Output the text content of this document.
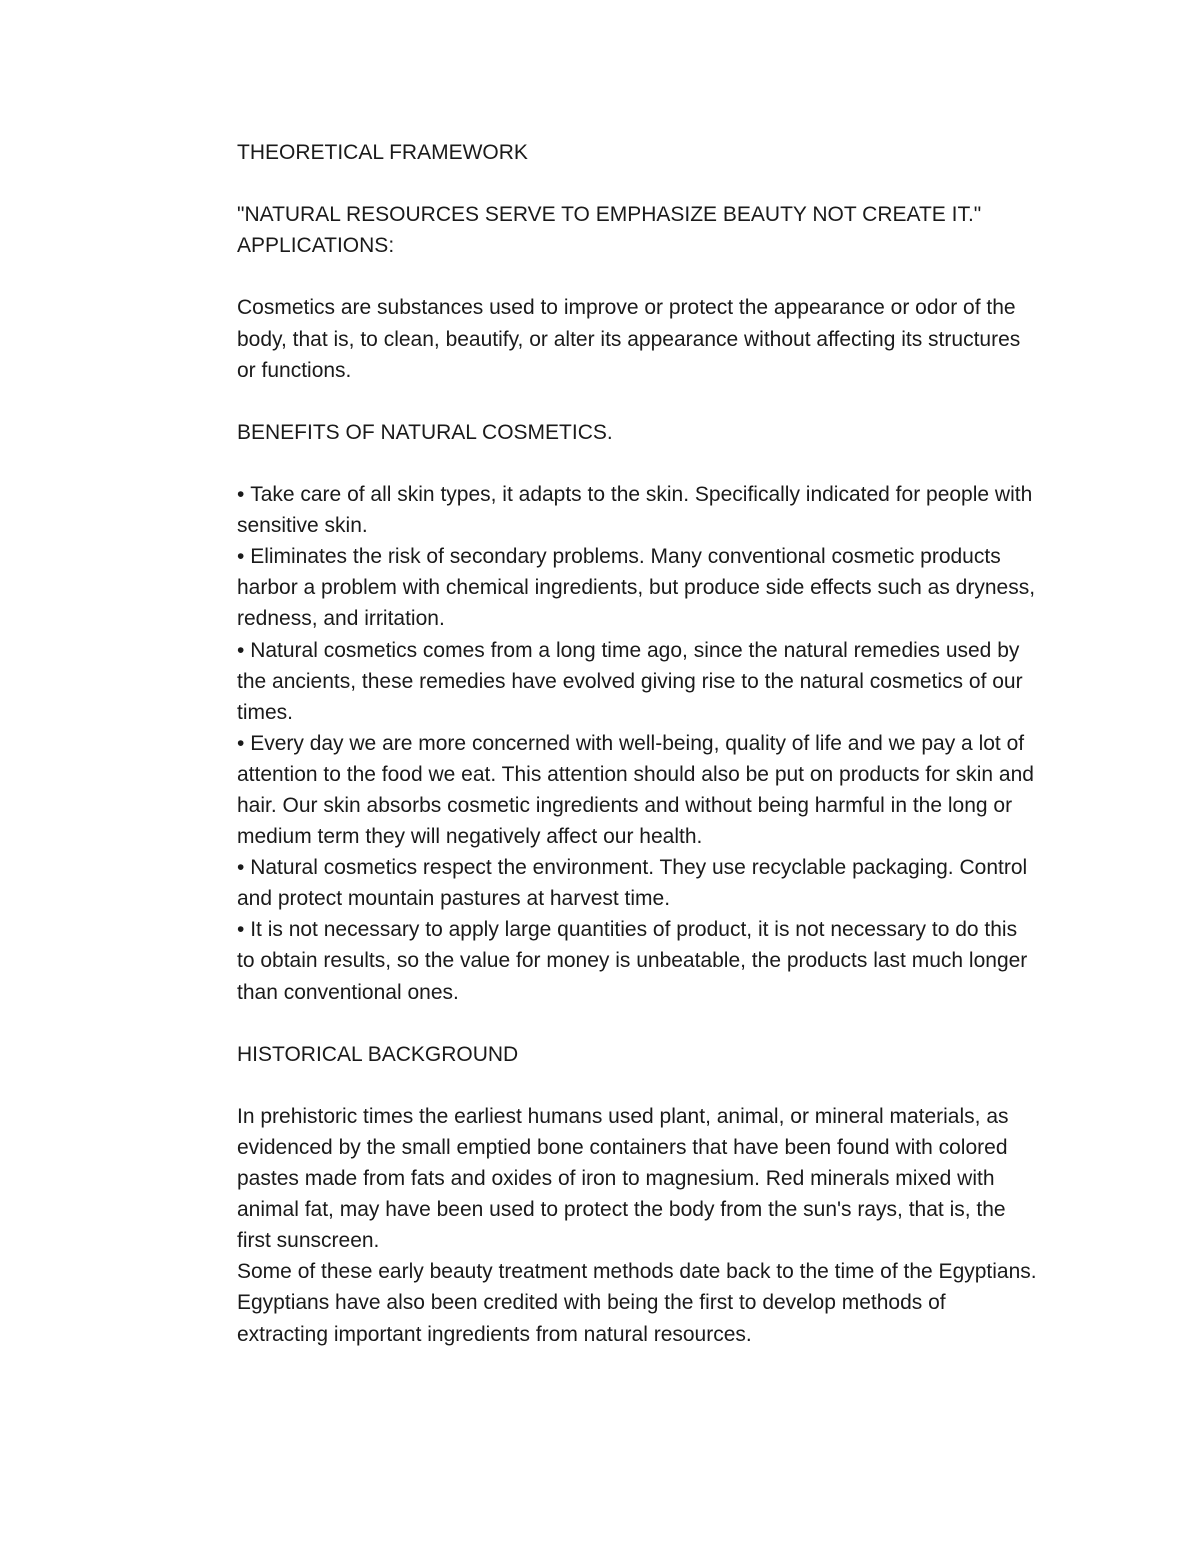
THEORETICAL FRAMEWORK

"NATURAL RESOURCES SERVE TO EMPHASIZE BEAUTY NOT CREATE IT."

APPLICATIONS:

Cosmetics are substances used to improve or protect the appearance or odor of the body, that is, to clean, beautify, or alter its appearance without affecting its structures or functions.

BENEFITS OF NATURAL COSMETICS.

• Take care of all skin types, it adapts to the skin. Specifically indicated for people with sensitive skin.

• Eliminates the risk of secondary problems. Many conventional cosmetic products harbor a problem with chemical ingredients, but produce side effects such as dryness, redness, and irritation.

• Natural cosmetics comes from a long time ago, since the natural remedies used by the ancients, these remedies have evolved giving rise to the natural cosmetics of our times.

• Every day we are more concerned with well-being, quality of life and we pay a lot of attention to the food we eat. This attention should also be put on products for skin and hair. Our skin absorbs cosmetic ingredients and without being harmful in the long or medium term they will negatively affect our health.

• Natural cosmetics respect the environment. They use recyclable packaging. Control and protect mountain pastures at harvest time.

• It is not necessary to apply large quantities of product, it is not necessary to do this to obtain results, so the value for money is unbeatable, the products last much longer than conventional ones.

HISTORICAL BACKGROUND

In prehistoric times the earliest humans used plant, animal, or mineral materials, as evidenced by the small emptied bone containers that have been found with colored pastes made from fats and oxides of iron to magnesium. Red minerals mixed with animal fat, may have been used to protect the body from the sun's rays, that is, the first sunscreen.

Some of these early beauty treatment methods date back to the time of the Egyptians. Egyptians have also been credited with being the first to develop methods of extracting important ingredients from natural resources.
